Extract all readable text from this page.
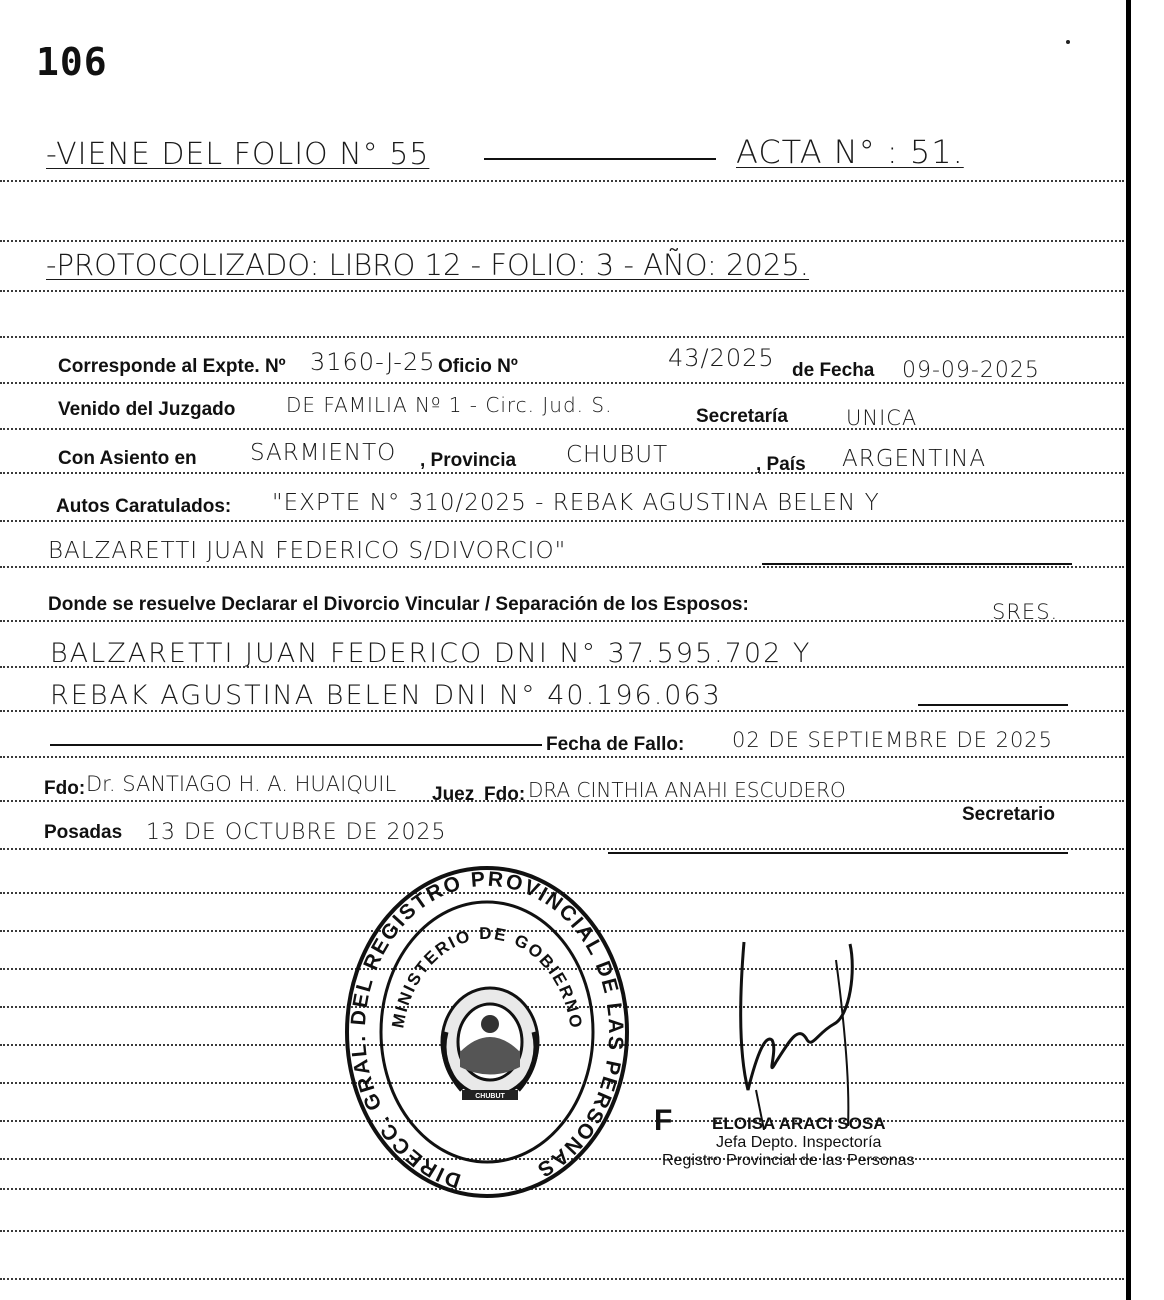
106
-VIENE DEL FOLIO N° 55	ACTA N° : 51.
-PROTOCOLIZADO: LIBRO 12 - FOLIO: 3 - AÑO: 2025.
Corresponde al Expte. Nº 3160-J-25 Oficio Nº	43/2025 de Fecha 09-09-2025
Venido del Juzgado	DE FAMILIA Nº 1 - Circ. Jud. S.	Secretaría	UNICA
Con Asiento en SARMIENTO , Provincia CHUBUT	, País ARGENTINA
Autos Caratulados: "EXPTE N° 310/2025 - REBAK AGUSTINA BELEN Y
BALZARETTI JUAN FEDERICO S/DIVORCIO"
Donde se resuelve Declarar el Divorcio Vincular / Separación de los Esposos:	SRES.
BALZARETTI JUAN FEDERICO DNI N° 37.595.702 Y
REBAK AGUSTINA BELEN DNI N° 40.196.063
Fecha de Fallo: 02 DE SEPTIEMBRE DE 2025
Fdo: Dr. SANTIAGO H. A. HUAIQUIL Juez Fdo: DRA CINTHIA ANAHI ESCUDERO
Secretario
Posadas 13 DE OCTUBRE DE 2025
DIRECC. GRAL. DEL REGISTRO PROVINCIAL DE LAS PERSONAS
MINISTERIO DE GOBIERNO
CHUBUT
ELOISA ARACI SOSA
Jefa Depto. Inspectoría
Registro Provincial de las Personas
F
